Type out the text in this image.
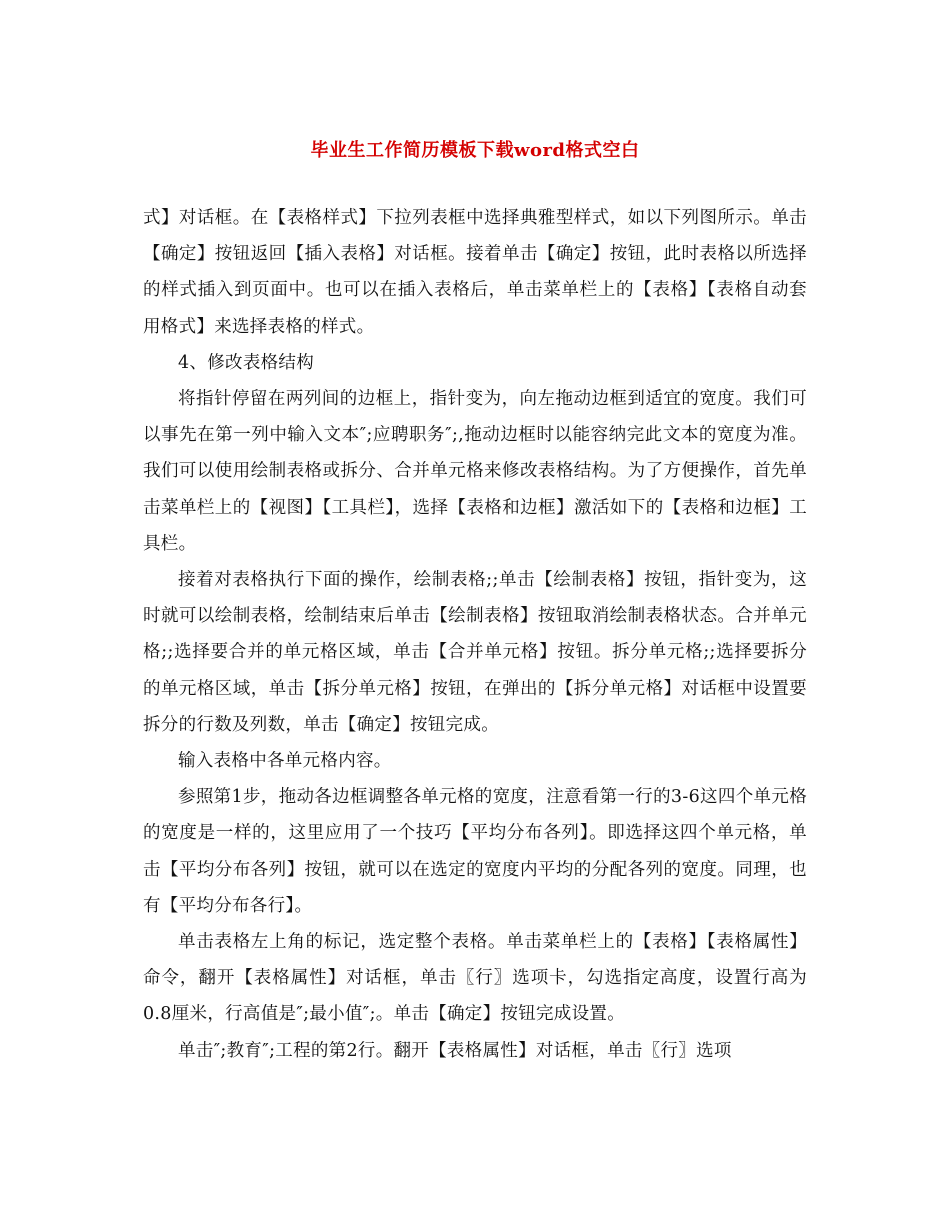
毕业生工作简历模板下载word格式空白

式】对话框。在【表格样式】下拉列表框中选择典雅型样式，如以下列图所示。单击【确定】按钮返回【插入表格】对话框。接着单击【确定】按钮，此时表格以所选择的样式插入到页面中。也可以在插入表格后，单击菜单栏上的【表格】【表格自动套用格式】来选择表格的样式。

4、修改表格结构

将指针停留在两列间的边框上，指针变为，向左拖动边框到适宜的宽度。我们可以事先在第一列中输入文本″;应聘职务″;,拖动边框时以能容纳完此文本的宽度为准。我们可以使用绘制表格或拆分、合并单元格来修改表格结构。为了方便操作，首先单击菜单栏上的【视图】【工具栏】，选择【表格和边框】激活如下的【表格和边框】工具栏。

接着对表格执行下面的操作，绘制表格;;单击【绘制表格】按钮，指针变为，这时就可以绘制表格，绘制结束后单击【绘制表格】按钮取消绘制表格状态。合并单元格;;选择要合并的单元格区域，单击【合并单元格】按钮。拆分单元格;;选择要拆分的单元格区域，单击【拆分单元格】按钮，在弹出的【拆分单元格】对话框中设置要拆分的行数及列数，单击【确定】按钮完成。

输入表格中各单元格内容。

参照第1步，拖动各边框调整各单元格的宽度，注意看第一行的3-6这四个单元格的宽度是一样的，这里应用了一个技巧【平均分布各列】。即选择这四个单元格，单击【平均分布各列】按钮，就可以在选定的宽度内平均的分配各列的宽度。同理，也有【平均分布各行】。

单击表格左上角的标记，选定整个表格。单击菜单栏上的【表格】【表格属性】命令，翻开【表格属性】对话框，单击〖行〗选项卡，勾选指定高度，设置行高为0.8厘米，行高值是″;最小值″;。单击【确定】按钮完成设置。

单击″;教育″;工程的第2行。翻开【表格属性】对话框，单击〖行〗选项
